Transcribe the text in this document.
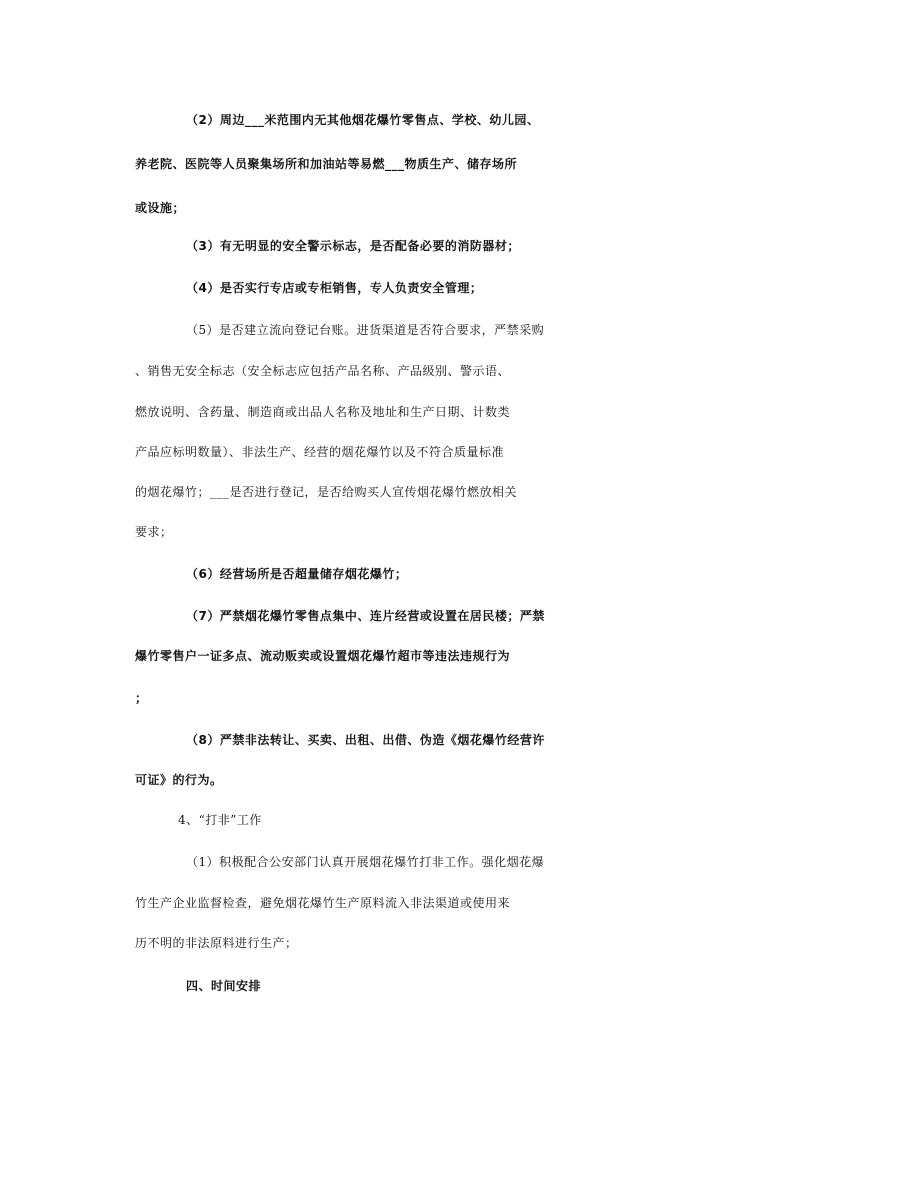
（2）周边___米范围内无其他烟花爆竹零售点、学校、幼儿园、
养老院、医院等人员聚集场所和加油站等易燃___物质生产、储存场所
或设施；
（3）有无明显的安全警示标志，是否配备必要的消防器材；
（4）是否实行专店或专柜销售，专人负责安全管理；
（5）是否建立流向登记台账。进货渠道是否符合要求，严禁采购
、销售无安全标志（安全标志应包括产品名称、产品级别、警示语、
燃放说明、含药量、制造商或出品人名称及地址和生产日期、计数类
产品应标明数量）、非法生产、经营的烟花爆竹以及不符合质量标准
的烟花爆竹；___是否进行登记，是否给购买人宣传烟花爆竹燃放相关
要求；
（6）经营场所是否超量储存烟花爆竹；
（7）严禁烟花爆竹零售点集中、连片经营或设置在居民楼；严禁
爆竹零售户一证多点、流动贩卖或设置烟花爆竹超市等违法违规行为
；
（8）严禁非法转让、买卖、出租、出借、伪造《烟花爆竹经营许
可证》的行为。
4、“打非”工作
（1）积极配合公安部门认真开展烟花爆竹打非工作。强化烟花爆
竹生产企业监督检查，避免烟花爆竹生产原料流入非法渠道或使用来
历不明的非法原料进行生产；
四、时间安排
